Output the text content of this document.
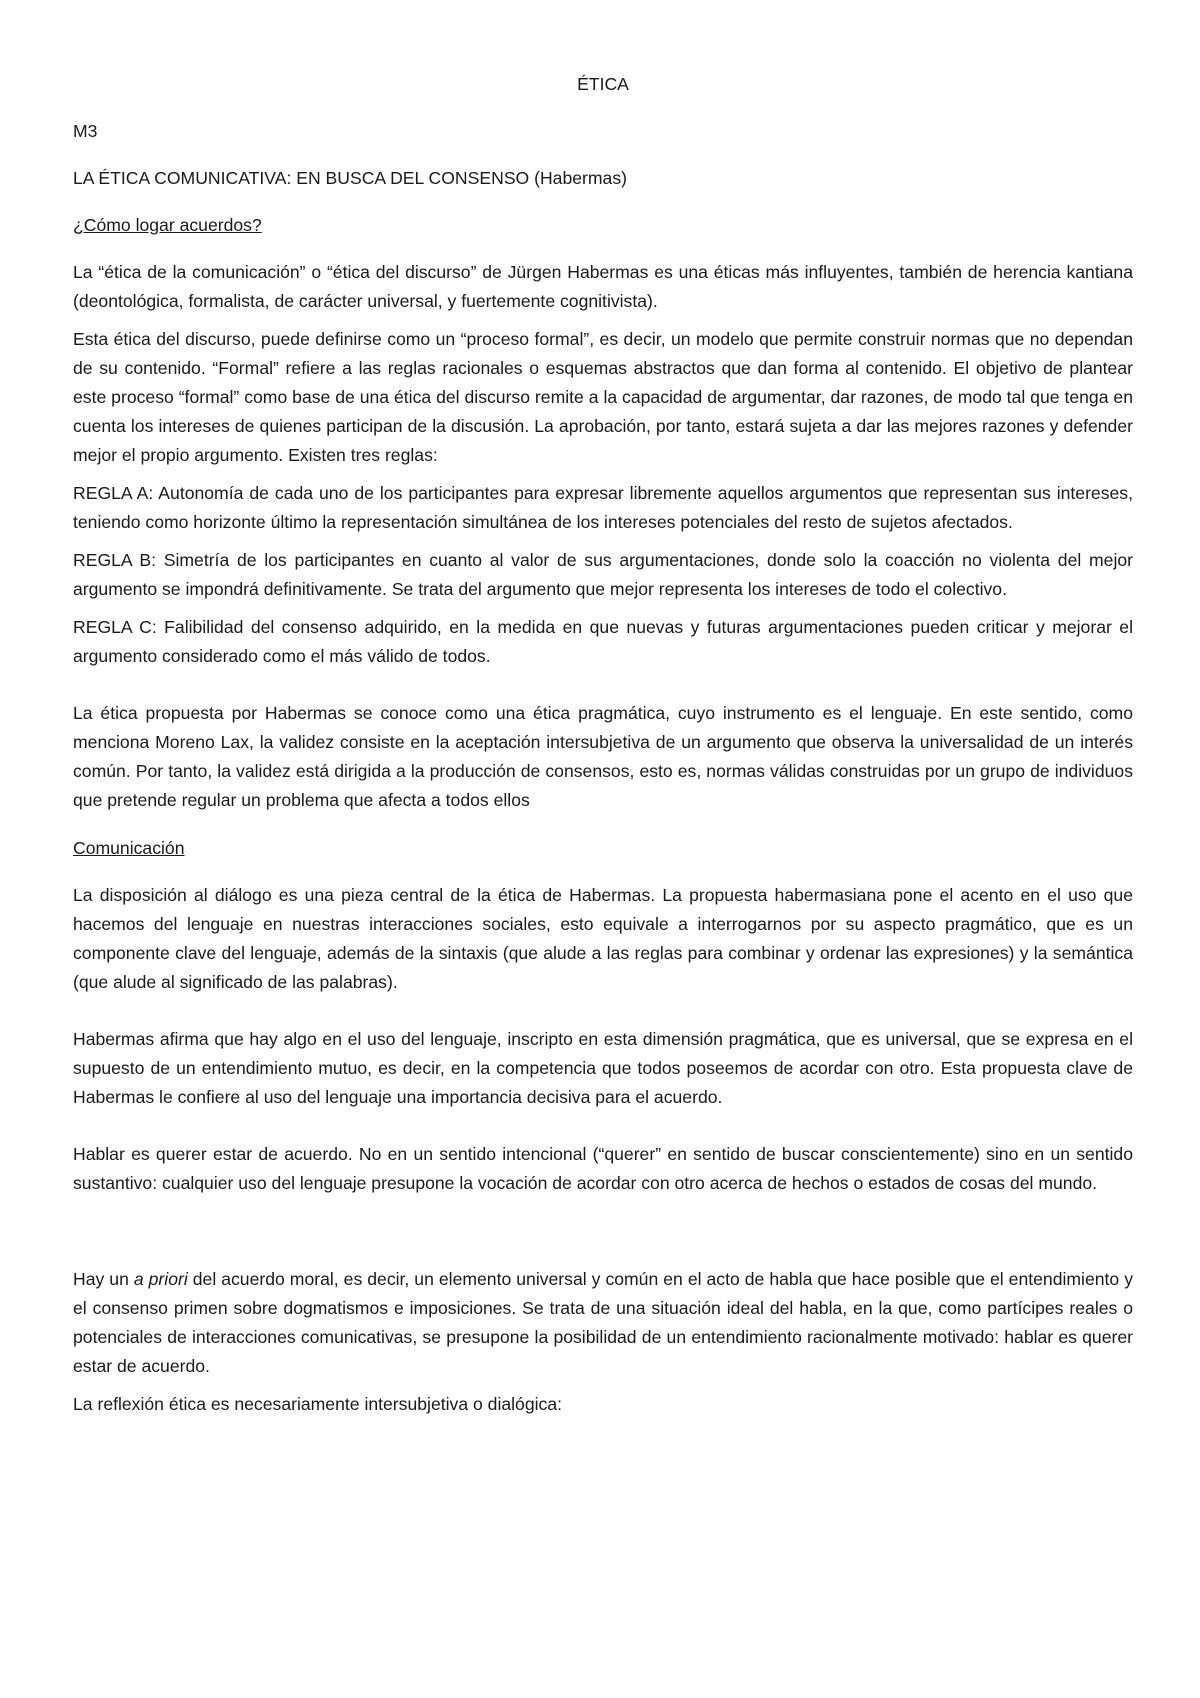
ÉTICA
M3
LA ÉTICA COMUNICATIVA: EN BUSCA DEL CONSENSO (Habermas)
¿Cómo logar acuerdos?

La “ética de la comunicación” o “ética del discurso” de Jürgen Habermas es una éticas más influyentes, también de herencia kantiana (deontológica, formalista, de carácter universal, y fuertemente cognitivista).

Esta ética del discurso, puede definirse como un “proceso formal”, es decir, un modelo que permite construir normas que no dependan de su contenido. “Formal” refiere a las reglas racionales o esquemas abstractos que dan forma al contenido. El objetivo de plantear este proceso “formal” como base de una ética del discurso remite a la capacidad de argumentar, dar razones, de modo tal que tenga en cuenta los intereses de quienes participan de la discusión. La aprobación, por tanto, estará sujeta a dar las mejores razones y defender mejor el propio argumento. Existen tres reglas:

REGLA A: Autonomía de cada uno de los participantes para expresar libremente aquellos argumentos que representan sus intereses, teniendo como horizonte último la representación simultánea de los intereses potenciales del resto de sujetos afectados.

REGLA B: Simetría de los participantes en cuanto al valor de sus argumentaciones, donde solo la coacción no violenta del mejor argumento se impondrá definitivamente. Se trata del argumento que mejor representa los intereses de todo el colectivo.

REGLA C: Falibilidad del consenso adquirido, en la medida en que nuevas y futuras argumentaciones pueden criticar y mejorar el argumento considerado como el más válido de todos.

La ética propuesta por Habermas se conoce como una ética pragmática, cuyo instrumento es el lenguaje. En este sentido, como menciona Moreno Lax, la validez consiste en la aceptación intersubjetiva de un argumento que observa la universalidad de un interés común. Por tanto, la validez está dirigida a la producción de consensos, esto es, normas válidas construidas por un grupo de individuos que pretende regular un problema que afecta a todos ellos

Comunicación

La disposición al diálogo es una pieza central de la ética de Habermas. La propuesta habermasiana pone el acento en el uso que hacemos del lenguaje en nuestras interacciones sociales, esto equivale a interrogarnos por su aspecto pragmático, que es un componente clave del lenguaje, además de la sintaxis (que alude a las reglas para combinar y ordenar las expresiones) y la semántica (que alude al significado de las palabras).

Habermas afirma que hay algo en el uso del lenguaje, inscripto en esta dimensión pragmática, que es universal, que se expresa en el supuesto de un entendimiento mutuo, es decir, en la competencia que todos poseemos de acordar con otro. Esta propuesta clave de Habermas le confiere al uso del lenguaje una importancia decisiva para el acuerdo.

Hablar es querer estar de acuerdo. No en un sentido intencional (“querer” en sentido de buscar conscientemente) sino en un sentido sustantivo: cualquier uso del lenguaje presupone la vocación de acordar con otro acerca de hechos o estados de cosas del mundo.

Hay un a priori del acuerdo moral, es decir, un elemento universal y común en el acto de habla que hace posible que el entendimiento y el consenso primen sobre dogmatismos e imposiciones. Se trata de una situación ideal del habla, en la que, como partícipes reales o potenciales de interacciones comunicativas, se presupone la posibilidad de un entendimiento racionalmente motivado: hablar es querer estar de acuerdo.

La reflexión ética es necesariamente intersubjetiva o dialógica:
